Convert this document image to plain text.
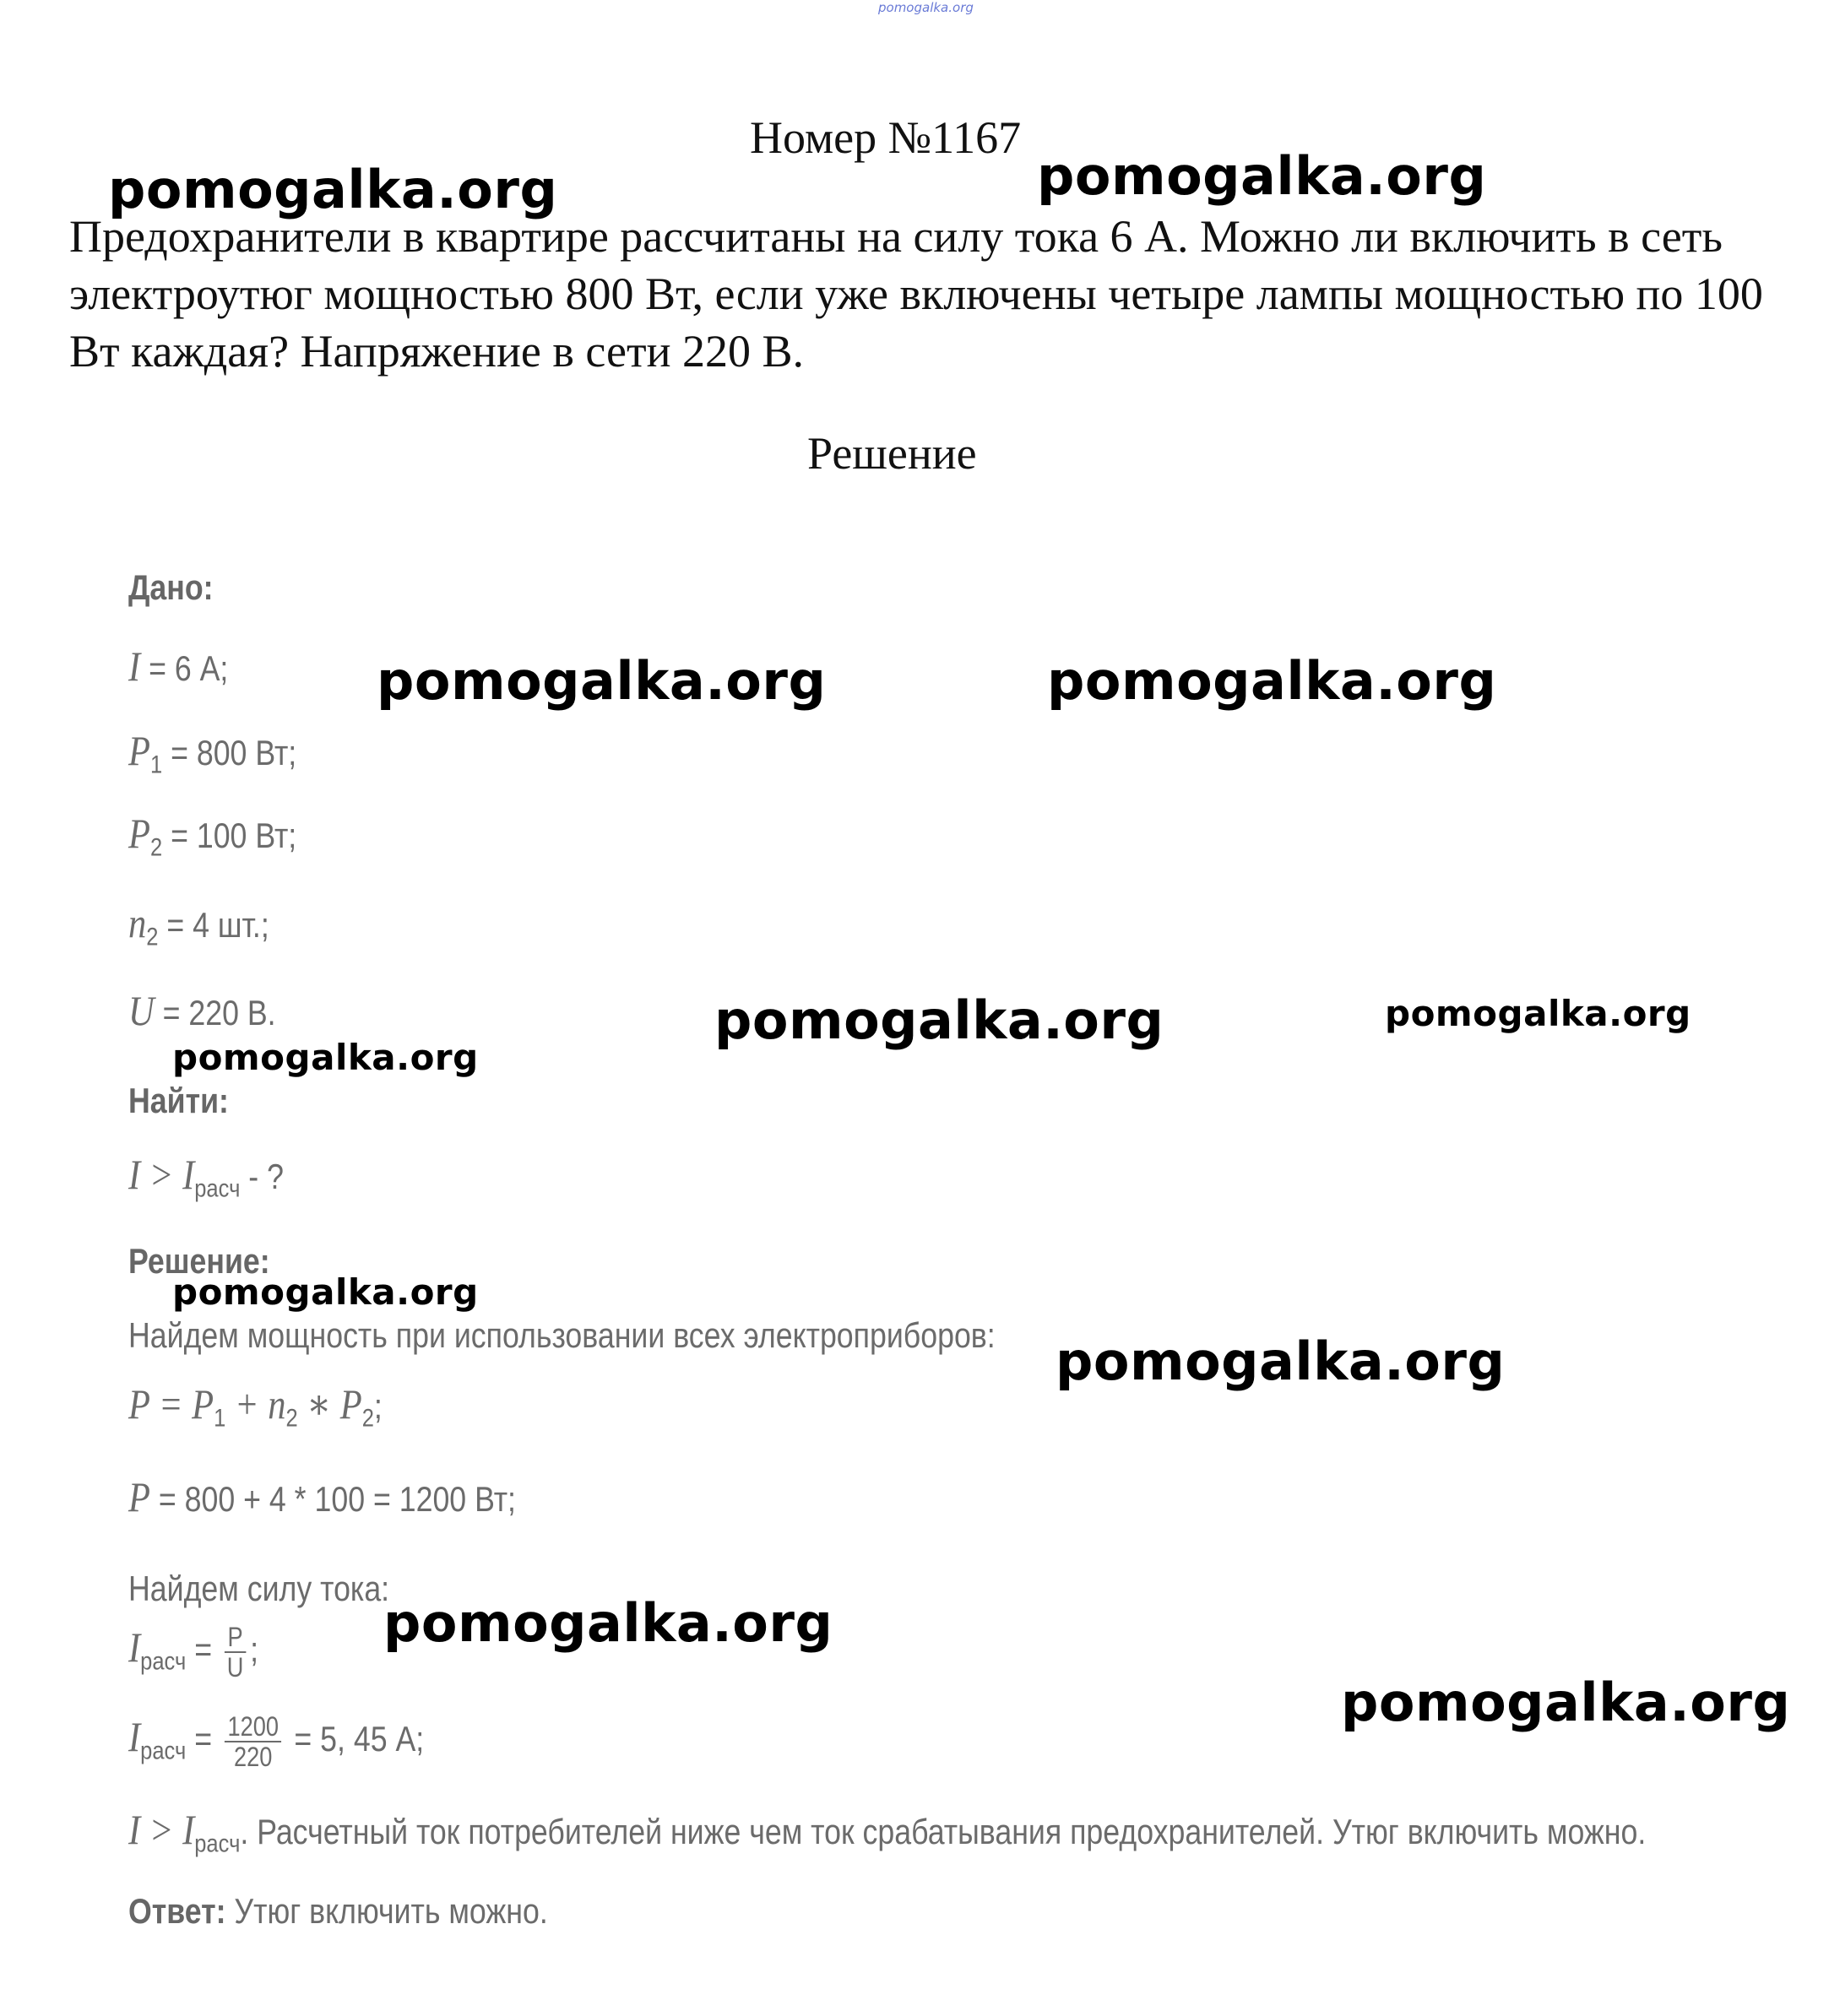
pomogalka.org
Номер №1167
Предохранители в квартире рассчитаны на силу тока 6 А. Можно ли включить в сеть электроутюг мощностью 800 Вт, если уже включены четыре лампы мощностью по 100 Вт каждая? Напряжение в сети 220 В.
Решение
Дано:
I = 6 А;
$P_1 = 800$ Вт;
$P_2 = 100$ Вт;
$n_2 = 4$ шт.;
U = 220 В.
Найти:
$I > I_{расч}$ - ?
Решение:
Найдем мощность при использовании всех электроприборов:
$P = P_1 + n_2$ ∗ $P_2$;
P = 800 + 4 * 100 = 1200 Вт;
Найдем силу тока:
$I_{расч} = \frac{P}{U}$ ;
$I_{расч} = \frac{1200}{220} = 5$, 45 А;
$I > I_{расч}$. Расчетный ток потребителей ниже чем ток срабатывания предохранителей. Утюг включить можно.
Ответ: Утюг включить можно.
pomogalka.org	pomogalka.org
pomogalka.org	pomogalka.org
pomogalka.org	pomogalka.org
pomogalka.org
pomogalka.org
pomogalka.org
pomogalka.org
pomogalka.org
